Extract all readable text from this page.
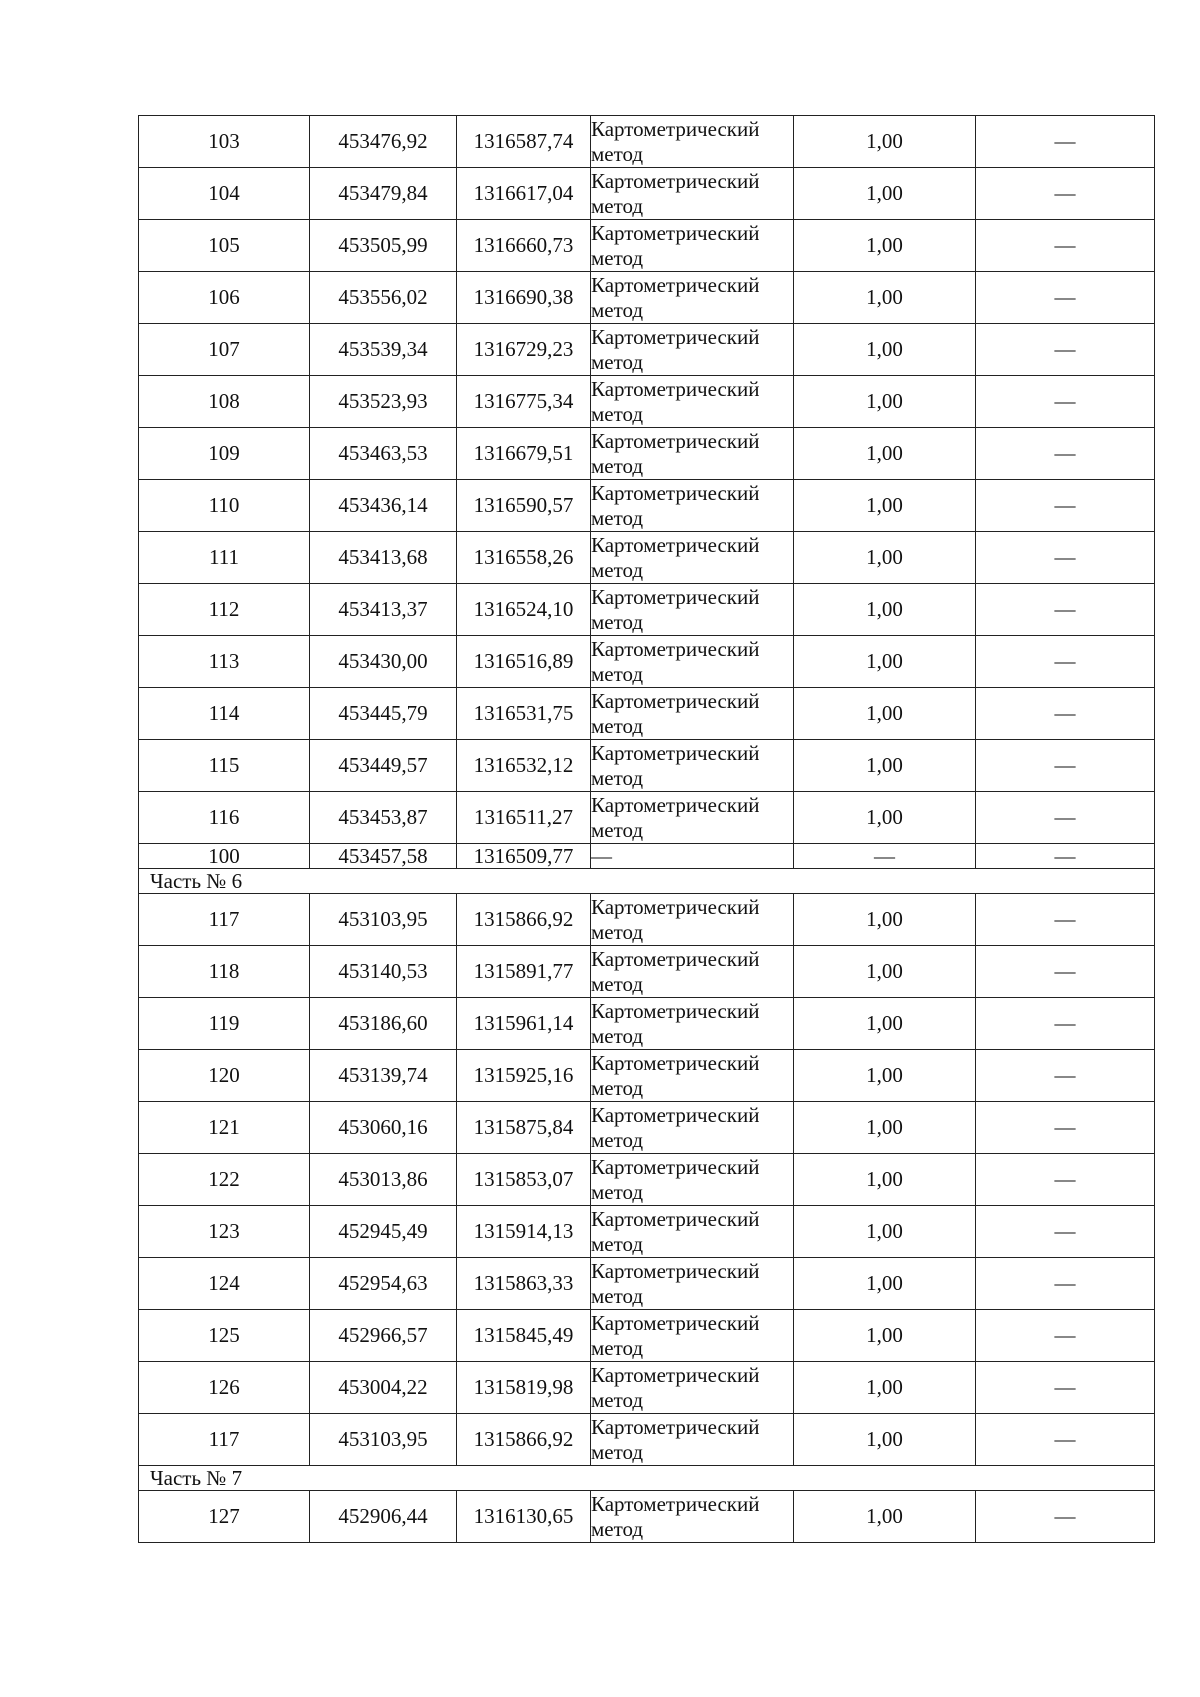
103	453476,92	1316587,74	Картометрический
метод	1,00	—
104	453479,84	1316617,04	Картометрический
метод	1,00	—
105	453505,99	1316660,73	Картометрический
метод	1,00	—
106	453556,02	1316690,38	Картометрический
метод	1,00	—
107	453539,34	1316729,23	Картометрический
метод	1,00	—
108	453523,93	1316775,34	Картометрический
метод	1,00	—
109	453463,53	1316679,51	Картометрический
метод	1,00	—
110	453436,14	1316590,57	Картометрический
метод	1,00	—
111	453413,68	1316558,26	Картометрический
метод	1,00	—
112	453413,37	1316524,10	Картометрический
метод	1,00	—
113	453430,00	1316516,89	Картометрический
метод	1,00	—
114	453445,79	1316531,75	Картометрический
метод	1,00	—
115	453449,57	1316532,12	Картометрический
метод	1,00	—
116	453453,87	1316511,27	Картометрический
метод	1,00	—
100	453457,58	1316509,77	—	—	—
Часть № 6					
117	453103,95	1315866,92	Картометрический
метод	1,00	—
118	453140,53	1315891,77	Картометрический
метод	1,00	—
119	453186,60	1315961,14	Картометрический
метод	1,00	—
120	453139,74	1315925,16	Картометрический
метод	1,00	—
121	453060,16	1315875,84	Картометрический
метод	1,00	—
122	453013,86	1315853,07	Картометрический
метод	1,00	—
123	452945,49	1315914,13	Картометрический
метод	1,00	—
124	452954,63	1315863,33	Картометрический
метод	1,00	—
125	452966,57	1315845,49	Картометрический
метод	1,00	—
126	453004,22	1315819,98	Картометрический
метод	1,00	—
117	453103,95	1315866,92	Картометрический
метод	1,00	—
Часть № 7					
127	452906,44	1316130,65	Картометрический
метод	1,00	—
